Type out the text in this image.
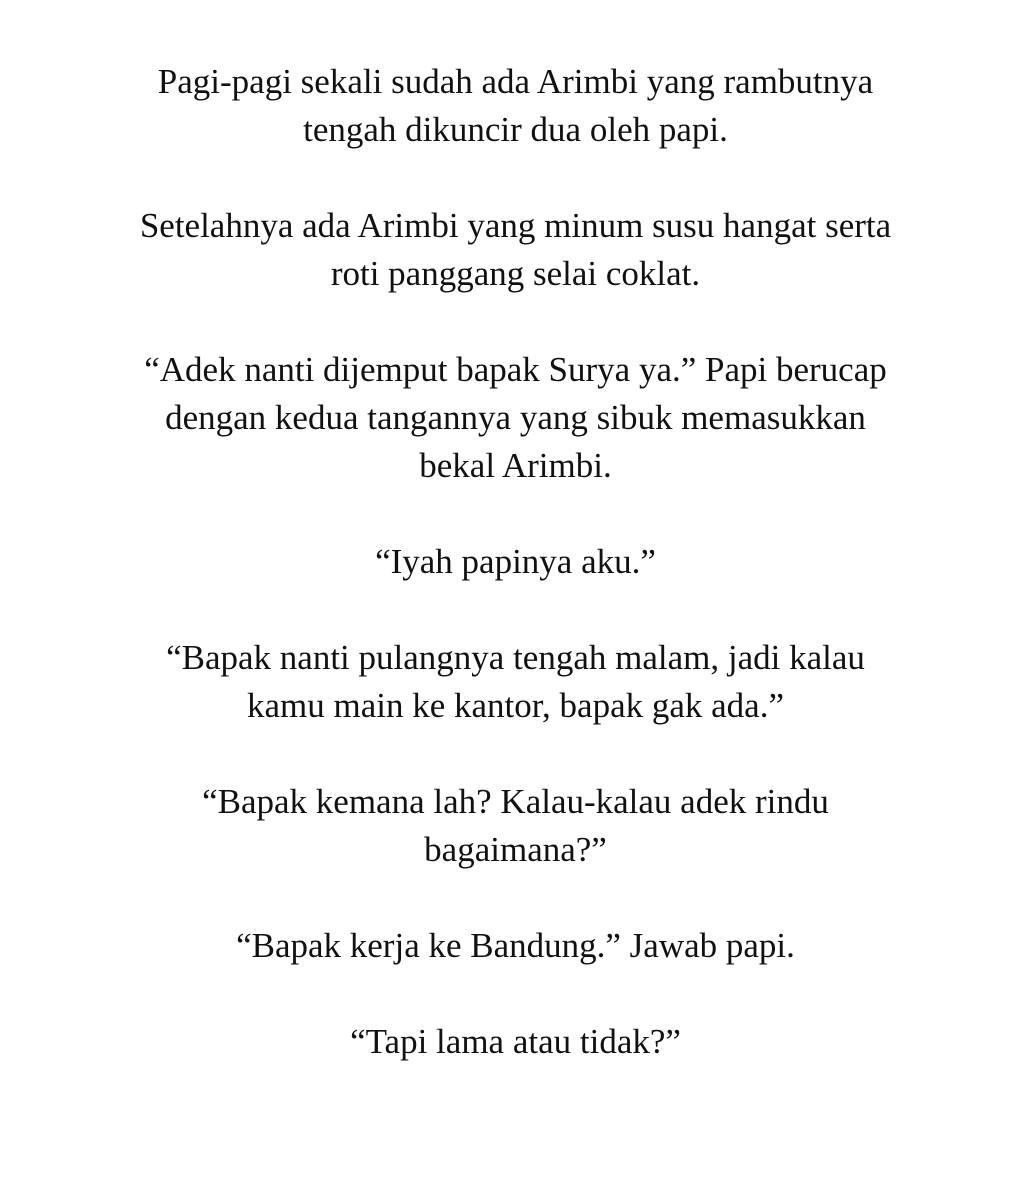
Pagi-pagi sekali sudah ada Arimbi yang rambutnya
tengah dikuncir dua oleh papi.

Setelahnya ada Arimbi yang minum susu hangat serta
roti panggang selai coklat.

“Adek nanti dijemput bapak Surya ya.” Papi berucap
dengan kedua tangannya yang sibuk memasukkan
bekal Arimbi.

“Iyah papinya aku.”

“Bapak nanti pulangnya tengah malam, jadi kalau
kamu main ke kantor, bapak gak ada.”

“Bapak kemana lah? Kalau-kalau adek rindu
bagaimana?”

“Bapak kerja ke Bandung.” Jawab papi.

“Tapi lama atau tidak?”
